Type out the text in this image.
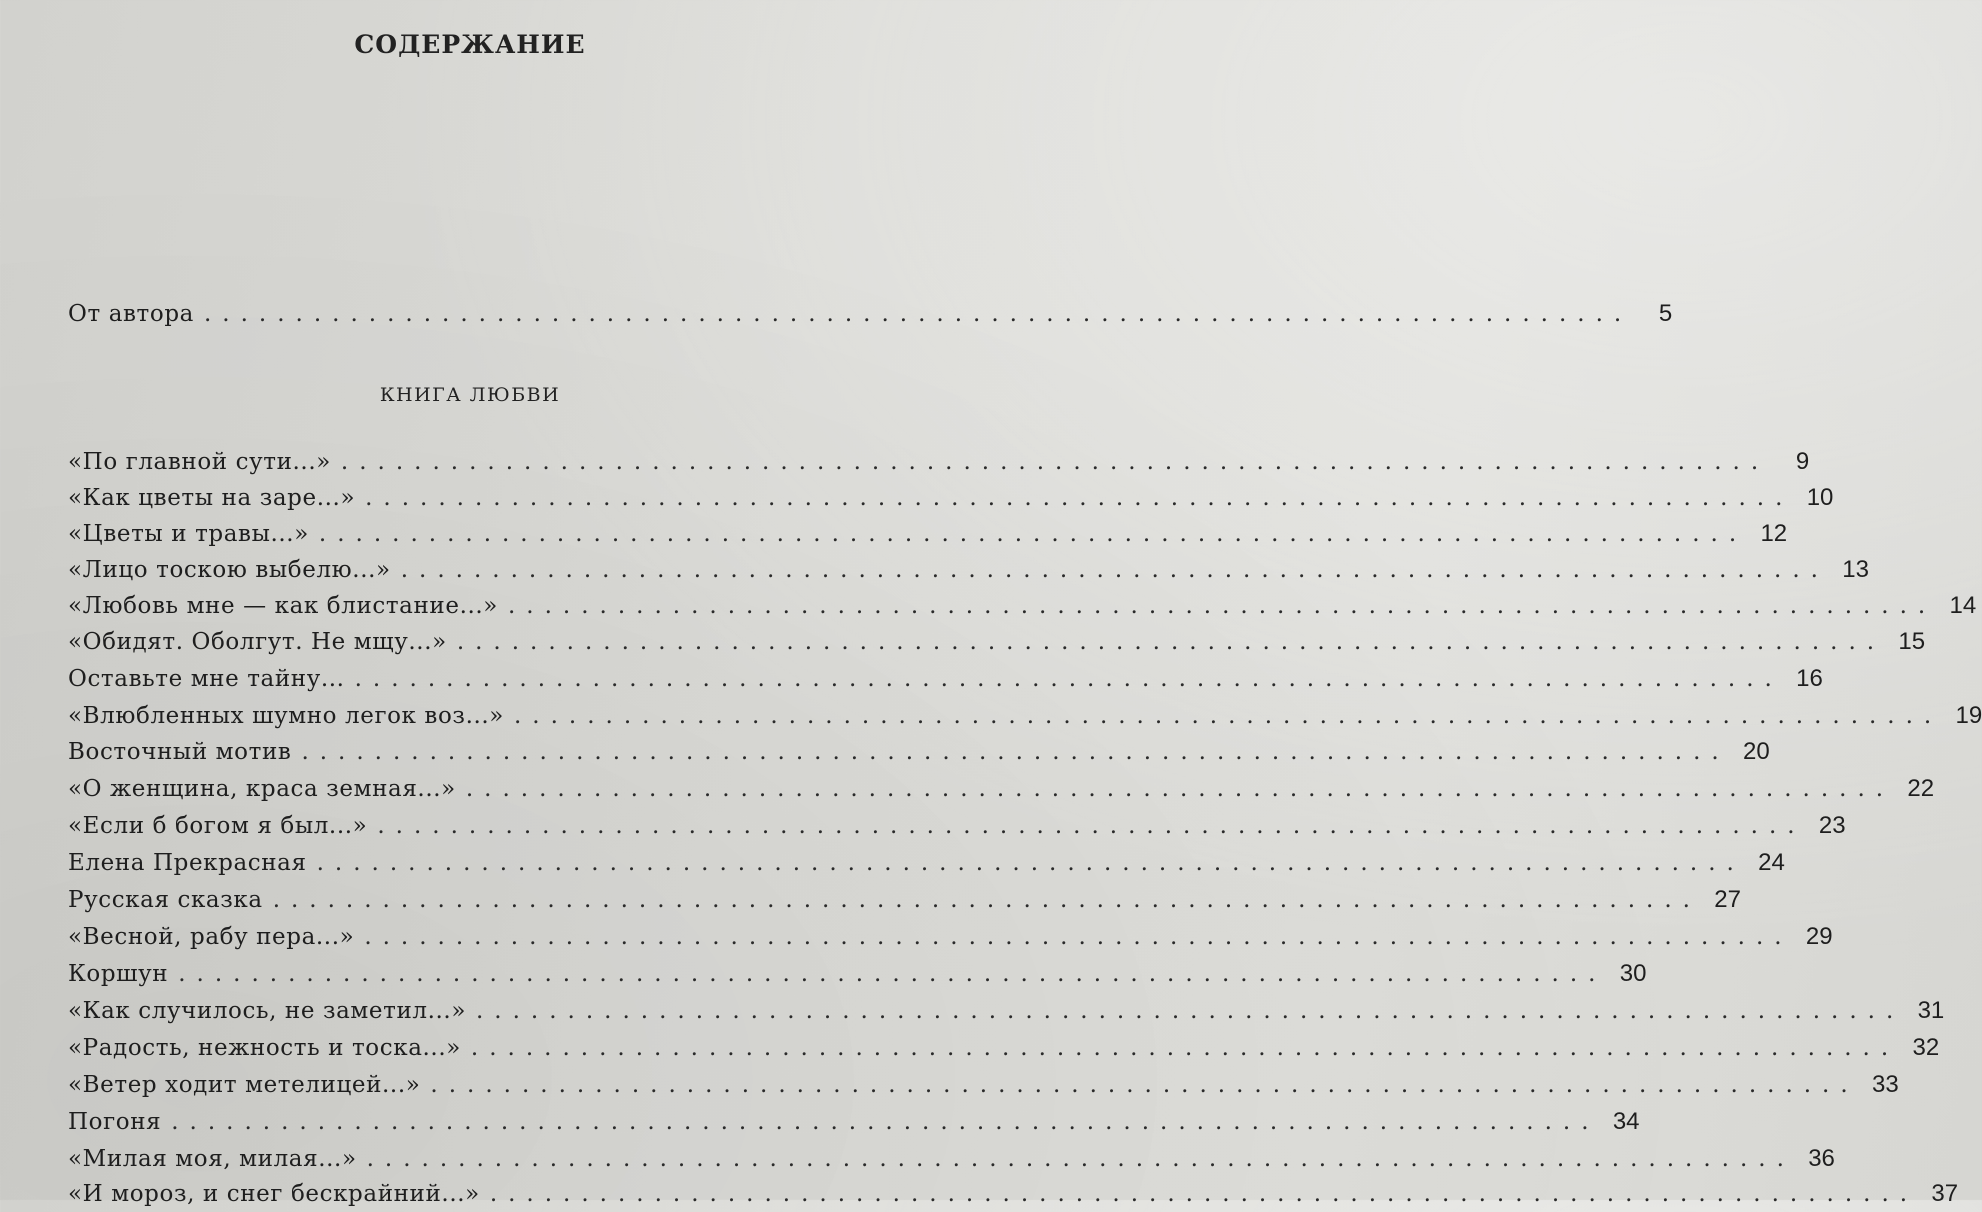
СОДЕРЖАНИЕ
От автора ..............................................................................	5
КНИГА ЛЮБВИ
«По главной сути...» ..............................................................................	9
«Как цветы на заре...» .............................................................................. 10
«Цветы и травы...» .............................................................................. 12
«Лицо тоскою выбелю...» .............................................................................. 13
«Любовь мне — как блистание...» .............................................................................. 14
«Обидят. Оболгут. Не мщу...» .............................................................................. 15
Оставьте мне тайну... .............................................................................. 16
«Влюбленных шумно легок воз...» .............................................................................. 19
Восточный мотив .............................................................................. 20
«О женщина, краса земная...» .............................................................................. 22
«Если б богом я был...» .............................................................................. 23
Елена Прекрасная .............................................................................. 24
Русская сказка .............................................................................. 27
«Весной, рабу пера...» .............................................................................. 29
Коршун .............................................................................. 30
«Как случилось, не заметил...» .............................................................................. 31
«Радость, нежность и тоска...» .............................................................................. 32
«Ветер ходит метелицей...» .............................................................................. 33
Погоня .............................................................................. 34
«Милая моя, милая...» .............................................................................. 36
«И мороз, и снег бескрайний...» .............................................................................. 37
